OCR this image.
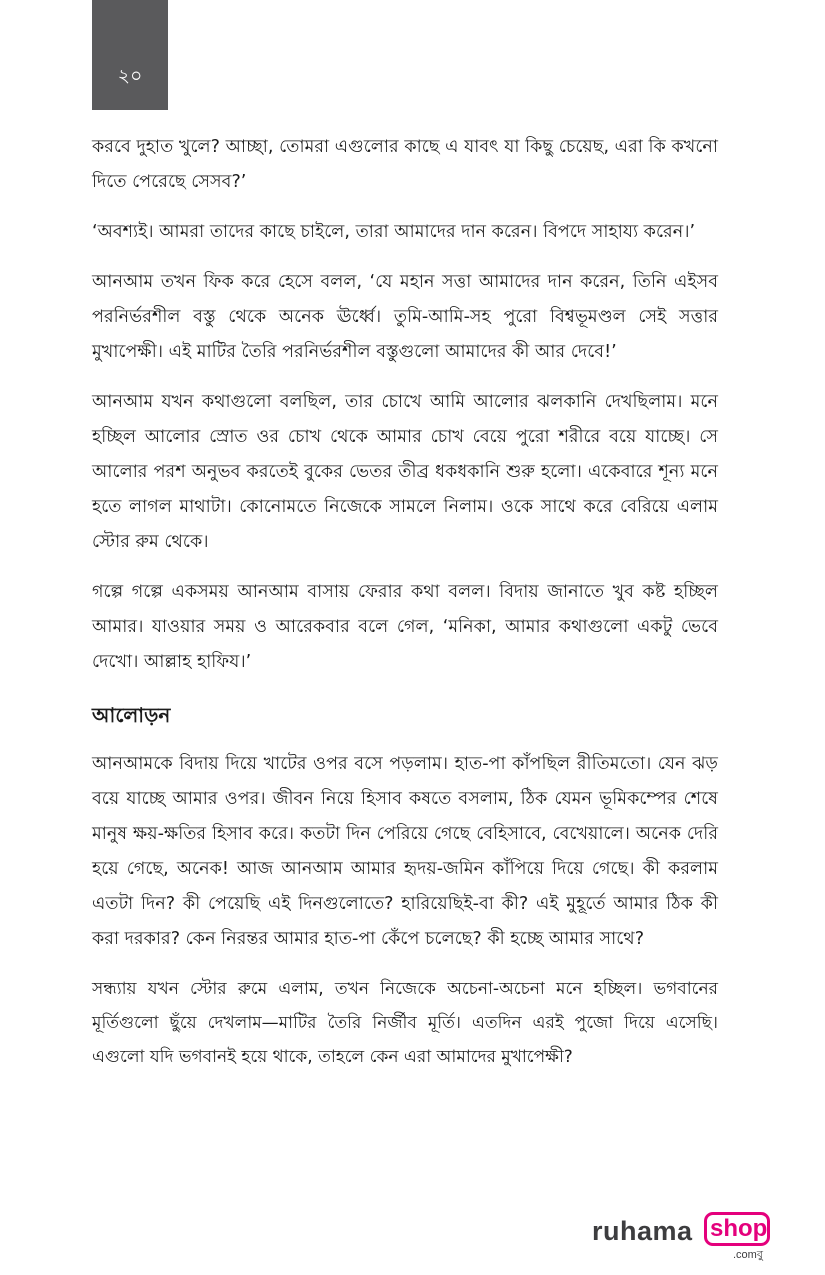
২০

করবে দুহাত খুলে? আচ্ছা, তোমরা এগুলোর কাছে এ যাবৎ যা কিছু চেয়েছ, এরা কি কখনো দিতে পেরেছে সেসব?’

‘অবশ্যই। আমরা তাদের কাছে চাইলে, তারা আমাদের দান করেন। বিপদে সাহায্য করেন।’

আনআম তখন ফিক করে হেসে বলল, ‘যে মহান সত্তা আমাদের দান করেন, তিনি এইসব পরনির্ভরশীল বস্তু থেকে অনেক ঊর্ধ্বে। তুমি-আমি-সহ পুরো বিশ্বভূমণ্ডল সেই সত্তার মুখাপেক্ষী। এই মাটির তৈরি পরনির্ভরশীল বস্তুগুলো আমাদের কী আর দেবে!’

আনআম যখন কথাগুলো বলছিল, তার চোখে আমি আলোর ঝলকানি দেখছিলাম। মনে হচ্ছিল আলোর স্রোত ওর চোখ থেকে আমার চোখ বেয়ে পুরো শরীরে বয়ে যাচ্ছে। সে আলোর পরশ অনুভব করতেই বুকের ভেতর তীব্র ধকধকানি শুরু হলো। একেবারে শূন্য মনে হতে লাগল মাথাটা। কোনোমতে নিজেকে সামলে নিলাম। ওকে সাথে করে বেরিয়ে এলাম স্টোর রুম থেকে।

গল্পে গল্পে একসময় আনআম বাসায় ফেরার কথা বলল। বিদায় জানাতে খুব কষ্ট হচ্ছিল আমার। যাওয়ার সময় ও আরেকবার বলে গেল, ‘মনিকা, আমার কথাগুলো একটু ভেবে দেখো। আল্লাহ হাফিয।’

আলোড়ন

আনআমকে বিদায় দিয়ে খাটের ওপর বসে পড়লাম। হাত-পা কাঁপছিল রীতিমতো। যেন ঝড় বয়ে যাচ্ছে আমার ওপর। জীবন নিয়ে হিসাব কষতে বসলাম, ঠিক যেমন ভূমিকম্পের শেষে মানুষ ক্ষয়-ক্ষতির হিসাব করে। কতটা দিন পেরিয়ে গেছে বেহিসাবে, বেখেয়ালে। অনেক দেরি হয়ে গেছে, অনেক! আজ আনআম আমার হৃদয়-জমিন কাঁপিয়ে দিয়ে গেছে। কী করলাম এতটা দিন? কী পেয়েছি এই দিনগুলোতে? হারিয়েছিই-বা কী? এই মুহূর্তে আমার ঠিক কী করা দরকার? কেন নিরন্তর আমার হাত-পা কেঁপে চলেছে? কী হচ্ছে আমার সাথে?

সন্ধ্যায় যখন স্টোর রুমে এলাম, তখন নিজেকে অচেনা-অচেনা মনে হচ্ছিল। ভগবানের মূর্তিগুলো ছুঁয়ে দেখলাম—মাটির তৈরি নির্জীব মূর্তি। এতদিন এরই পুজো দিয়ে এসেছি। এগুলো যদি ভগবানই হয়ে থাকে, তাহলে কেন এরা আমাদের মুখাপেক্ষী?

ruhama shop
.comবু
